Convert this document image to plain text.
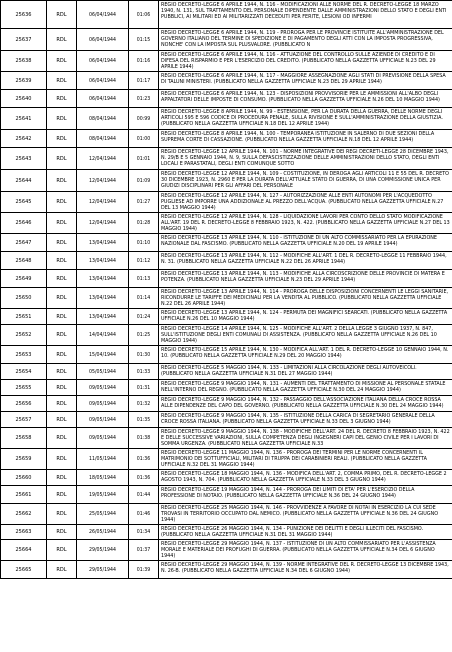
25636	RDL	06/04/1944	01:06	REGIO DECRETO-LEGGE 6 APRILE 1944, N. 116 - MODIFICAZIONI ALLE NORME DEL R. DECRETO-LEGGE 18 MARZO 1940, N. 131, SUL TRATTAMENTO DEL PERSONALE DIPENDENTE DALLE AMMINISTRAZIONI DELLO STATO E DEGLI ENTI PUBBLICI, AI MILITARI ED AI MILITARIZZATI DECEDUTI PER FERITE, LESIONI OD INFERMI
25637	RDL	06/04/1944	01:15	REGIO DECRETO-LEGGE 6 APRILE 1944, N. 119 - PROROGA PER LE PROVINCIE ISTITUITE ALL'AMMINISTRAZIONE DEL GOVERNO ITALIANO DEL TERMINE DI SPEDIZIONE E DI PAGAMENTO DEGLI ATTI CON LA IMPOSTA PROGRESSIVA, NONCHE' CON LA IMPOSTA SUL PLUSVALORE. (PUBBLICATO N
25638	RDL	06/04/1944	01:16	REGIO DECRETO-LEGGE 6 APRILE 1944, N. 116 - ATTUAZIONE DEL CONTROLLO SULLE AZIENDE DI CREDITO E DI DIFESA DEL RISPARMIO E PER L'ESERCIZIO DEL CREDITO. (PUBBLICATO NELLA GAZZETTA UFFICIALE N.23 DEL 29 APRILE 1944)
25639	RDL	06/04/1944	01:17	REGIO DECRETO-LEGGE 6 APRILE 1944, N. 117 - MAGGIORE ASSEGNAZIONE AGLI STATI DI PREVISIONE DELLA SPESA DI TALUNI MINISTERI. (PUBBLICATO NELLA GAZZETTA UFFICIALE N.23 DEL 29 APRILE 1944)
25640	RDL	06/04/1944	01:23	REGIO DECRETO-LEGGE 6 APRILE 1944, N. 123 - DISPOSIZIONI PROVVISORIE PER LE AMMISSIONI ALL'ALBO DEGLI APPALTATORI DELLE IMPOSTE DI CONSUMO. (PUBBLICATO NELLA GAZZETTA UFFICIALE N.26 DEL 10 MAGGIO 1944)
25641	RDL	08/04/1944	00:99	REGIO DECRETO-LEGGE 8 APRILE 1944, N. 99 - ESTENSIONE, PER LA DURATA DELLA GUERRA, DELLE NORME DEGLI ARTICOLI 595 E 596 CODICE DI PROCEDURA PENALE, SULLA RIVISIONE E SULL'AMMINISTRAZIONE DELLA GIUSTIZIA. (PUBBLICATO NELLA GAZZETTA UFFICIALE N.18 DEL 12 APRILE 1944)
25642	RDL	08/04/1944	01:00	REGIO DECRETO-LEGGE 8 APRILE 1944, N. 100 - TEMPORANEA ISTITUZIONE IN SALERNO DI DUE SEZIONI DELLA SUPREMA CORTE DI CASSAZIONE. (PUBBLICATO NELLA GAZZETTA UFFICIALE N.18 DEL 12 APRILE 1944)
25643	RDL	12/04/1944	01:01	REGIO DECRETO-LEGGE 12 APRILE 1944, N. 101 - NORME INTEGRATIVE DEI REGI DECRETI-LEGGE 28 DICEMBRE 1943, N. 29/B E 5 GENNAIO 1944, N. 9, SULLA DEFASCISTIZZAZIONE DELLE AMMINISTRAZIONI DELLO STATO, DEGLI ENTI LOCALI E PARASTATALI, DEGLI ENTI COMUNQUE SOTTO
25644	RDL	12/04/1944	01:09	REGIO DECRETO-LEGGE 12 APRILE 1944, N. 109 - COSTITUZIONE, IN DEROGA AGLI ARTICOLI 11 E 55 DEL R. DECRETO 30 DICEMBRE 1923, N. 2960 E PER LA DURATA DELL'ATTUALE STATO DI GUERRA, DI UNA COMMISSIONE UNICA PER GIUDIZI DISCIPLINARI PER GLI AFFARI DEL PERSONALE
25645	RDL	12/04/1944	01:27	REGIO DECRETO-LEGGE 12 APRILE 1944, N. 127 - AUTORIZZAZIONE ALLE ENTI AUTONOMI PER L'ACQUEDOTTO PUGLIESE AD IMPORRE UNA ADDIZIONALE AL PREZZO DELL'ACQUA. (PUBBLICATO NELLA GAZZETTA UFFICIALE N.27 DEL 13 MAGGIO 1944)
25646	RDL	12/04/1944	01:28	REGIO DECRETO-LEGGE 12 APRILE 1944, N. 128 - LIQUIDAZIONE LAVORI PER CONTO DELLO STATO MODIFICAZIONE ALL'ART. 19 DEL R. DECRETO-LEGGE 8 FEBBRAIO 1923, N. 422. (PUBBLICATO NELLA GAZZETTA UFFICIALE N.27 DEL 13 MAGGIO 1944)
25647	RDL	13/04/1944	01:10	REGIO DECRETO-LEGGE 13 APRILE 1944, N. 110 - ISTITUZIONE DI UN ALTO COMMISSARIATO PER LA EPURAZIONE NAZIONALE DAL FASCISMO. (PUBBLICATO NELLA GAZZETTA UFFICIALE N.20 DEL 19 APRILE 1944)
25648	RDL	13/04/1944	01:12	REGIO DECRETO-LEGGE 13 APRILE 1944, N. 112 - MODIFICHE ALL'ART. 1 DEL R. DECRETO-LEGGE 11 FEBBRAIO 1944, N. 31. (PUBBLICATO NELLA GAZZETTA UFFICIALE N.22 DEL 26 APRILE 1944)
25649	RDL	13/04/1944	01:13	REGIO DECRETO-LEGGE 13 APRILE 1944, N. 113 - MODIFICHE ALLA CIRCOSCRIZIONE DELLE PROVINCIE DI MATERA E POTENZA. (PUBBLICATO NELLA GAZZETTA UFFICIALE N.23 DEL 29 APRILE 1944)
25650	RDL	13/04/1944	01:14	REGIO DECRETO-LEGGE 13 APRILE 1944, N. 114 - PROROGA DELLE DISPOSIZIONI CONCERNENTI LE LEGGI SANITARIE, RICONDURRE LE TARIFFE DEI MEDICINALI PER LA VENDITA AL PUBBLICO. (PUBBLICATO NELLA GAZZETTA UFFICIALE N.22 DEL 26 APRILE 1944)
25651	RDL	13/04/1944	01:24	REGIO DECRETO-LEGGE 13 APRILE 1944, N. 124 - PERMUTA DEI MAGNIFICI SEARCATI. (PUBBLICATO NELLA GAZZETTA UFFICIALE N.26 DEL 10 MAGGIO 1944)
25652	RDL	14/04/1944	01:25	REGIO DECRETO-LEGGE 14 APRILE 1944, N. 125 - MODIFICHE ALL'ART. 2 DELLA LEGGE 3 GIUGNO 1937, N. 847, SULL'ISTITUZIONE DEGLI ENTI COMUNALI DI ASSISTENZA. (PUBBLICATO NELLA GAZZETTA UFFICIALE N.26 DEL 10 MAGGIO 1944)
25653	RDL	15/04/1944	01:30	REGIO DECRETO-LEGGE 15 APRILE 1944, N. 130 - MODIFICA ALL'ART. 1 DEL R. DECRETO-LEGGE 10 GENNAIO 1944, N. 10. (PUBBLICATO NELLA GAZZETTA UFFICIALE N.29 DEL 20 MAGGIO 1944)
25654	RDL	05/05/1944	01:33	REGIO DECRETO-LEGGE 5 MAGGIO 1944, N. 133 - LIMITAZIONI ALLA CIRCOLAZIONE DEGLI AUTOVEICOLI. (PUBBLICATO NELLA GAZZETTA UFFICIALE N.31 DEL 27 MAGGIO 1944)
25655	RDL	09/05/1944	01:31	REGIO DECRETO-LEGGE 9 MAGGIO 1944, N. 131 - AUMENTI DEL TRATTAMENTO DI MISSIONE AL PERSONALE STATALE NELL'INTERNO DEL REGNO. (PUBBLICATO NELLA GAZZETTA UFFICIALE N.30 DEL 24 MAGGIO 1944)
25656	RDL	09/05/1944	01:32	REGIO DECRETO-LEGGE 9 MAGGIO 1944, N. 132 - PASSAGGIO DELL'ASSOCIAZIONE ITALIANA DELLA CROCE ROSSA ALLE DIPENDENZE DEL CAPO DEL GOVERNO. (PUBBLICATO NELLA GAZZETTA UFFICIALE N.30 DEL 24 MAGGIO 1944)
25657	RDL	09/05/1944	01:35	REGIO DECRETO-LEGGE 9 MAGGIO 1944, N. 135 - ISTITUZIONE DELLA CARICA DI SEGRETARIO GENERALE DELLA CROCE ROSSA ITALIANA. (PUBBLICATO NELLA GAZZETTA UFFICIALE N.33 DEL 3 GIUGNO 1944)
25658	RDL	09/05/1944	01:38	REGIO DECRETO-LEGGE 9 MAGGIO 1944, N. 138 - MODIFICHE DELL'ART. 24 DEL R. DECRETO 8 FEBBRAIO 1923, N. 422 E DELLE SUCCESSIVE VARIAZIONI, SULLA COMPETENZA DEGLI INGEGNERI CAPI DEL GENIO CIVILE PER I LAVORI DI SOMMA URGENZA. (PUBBLICATO NELLA GAZZETTA UFFICIALE N.33
25659	RDL	11/05/1944	01:36	REGIO DECRETO-LEGGE 11 MAGGIO 1944, N. 136 - PROROGA DEI TERMINI PER LE NORME CONCERNENTI IL MATRIMONIO DEI SOTTUFFICIALI, MILITARI DI TRUPPA DEI CARABINIERI REALI. (PUBBLICATO NELLA GAZZETTA UFFICIALE N.32 DEL 31 MAGGIO 1944)
25660	RDL	18/05/1944	01:36	REGIO DECRETO-LEGGE 18 MAGGIO 1944, N. 136 - MODIFICA DELL'ART. 2, COMMA PRIMO, DEL R. DECRETO-LEGGE 2 AGOSTO 1943, N. 704. (PUBBLICATO NELLA GAZZETTA UFFICIALE N.33 DEL 3 GIUGNO 1944)
25661	RDL	19/05/1944	01:44	REGIO DECRETO-LEGGE 19 MAGGIO 1944, N. 144 - PROROGA DEI LIMITI DI ETA' PER L'ESERCIZIO DELLA PROFESSIONE DI NOTAIO. (PUBBLICATO NELLA GAZZETTA UFFICIALE N.36 DEL 24 GIUGNO 1944)
25662	RDL	25/05/1944	01:46	REGIO DECRETO-LEGGE 25 MAGGIO 1944, N. 146 - PROVVIDENZE A FAVORE DI NOTAI IN ESERCIZIO LA CUI SEDE TROVASI IN TERRITORIO OCCUPATO DAL NEMICO. (PUBBLICATO NELLA GAZZETTA UFFICIALE N.36 DEL 24 GIUGNO 1944)
25663	RDL	26/05/1944	01:34	REGIO DECRETO-LEGGE 26 MAGGIO 1944, N. 134 - PUNIZIONE DEI DELITTI E DEGLI ILLECITI DEL FASCISMO. (PUBBLICATO NELLA GAZZETTA UFFICIALE N.31 DEL 31 MAGGIO 1944)
25664	RDL	29/05/1944	01:37	REGIO DECRETO-LEGGE 29 MAGGIO 1944, N. 137 - ISTITUZIONE DI UN ALTO COMMISSARIATO PER L'ASSISTENZA MORALE E MATERIALE DEI PROFUGHI DI GUERRA. (PUBBLICATO NELLA GAZZETTA UFFICIALE N.34 DEL 6 GIUGNO 1944)
25665	RDL	29/05/1944	01:39	REGIO DECRETO-LEGGE 29 MAGGIO 1944, N. 139 - NORME INTEGRATIVE DEL R. DECRETO-LEGGE 13 DICEMBRE 1943, N. 26-B. (PUBBLICATO NELLA GAZZETTA UFFICIALE N.34 DEL 6 GIUGNO 1944)
